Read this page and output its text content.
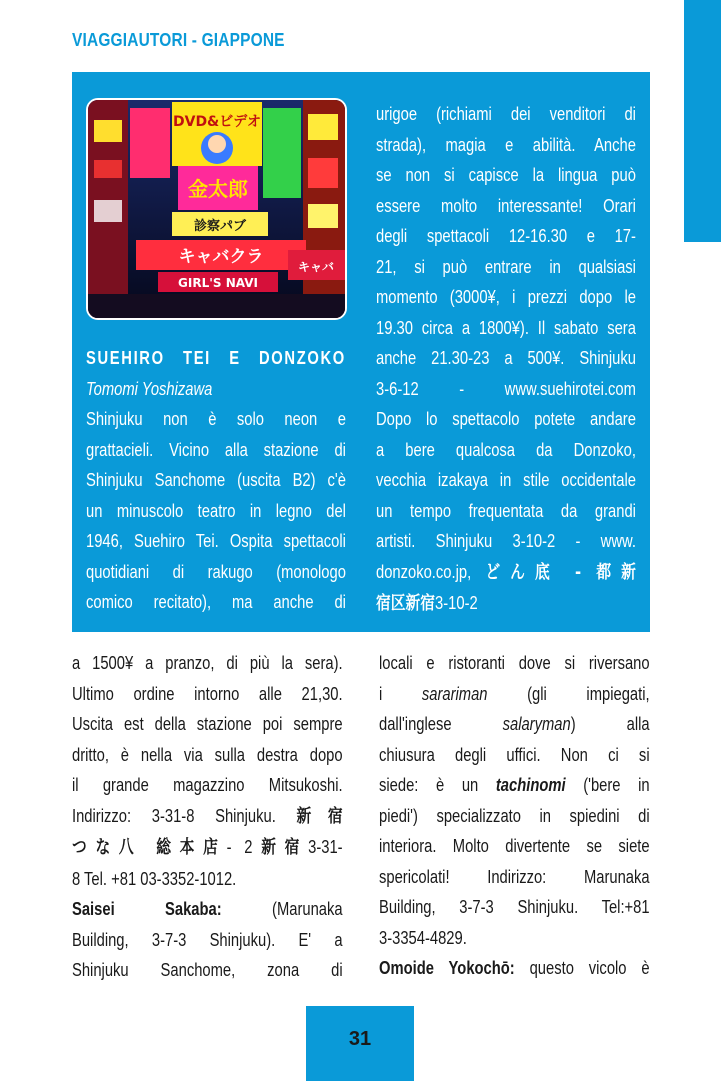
VIAGGIAUTORI - GIAPPONE
DVD&ビデオ
金太郎
診察パブ
キャバクラ
GIRL'S NAVI
キャバ
SUEHIRO TEI E DONZOKO
Tomomi Yoshizawa
Shinjuku non è solo neon e
grattacieli. Vicino alla stazione di
Shinjuku Sanchome (uscita B2) c'è
un minuscolo teatro in legno del
1946, Suehiro Tei. Ospita spettacoli
quotidiani di rakugo (monologo
comico recitato), ma anche di
urigoe (richiami dei venditori di
strada), magia e abilità. Anche
se non si capisce la lingua può
essere molto interessante! Orari
degli spettacoli 12-16.30 e 17-
21, si può entrare in qualsiasi
momento (3000¥, i prezzi dopo le
19.30 circa a 1800¥). Il sabato sera
anche 21.30-23 a 500¥. Shinjuku
3-6-12 - www.suehirotei.com
Dopo lo spettacolo potete andare
a bere qualcosa da Donzoko,
vecchia izakaya in stile occidentale
un tempo frequentata da grandi
artisti. Shinjuku 3-10-2 - www.
donzoko.co.jp, どん底 - 都新
宿区新宿3-10-2
a 1500¥ a pranzo, di più la sera).
Ultimo ordine intorno alle 21,30.
Uscita est della stazione poi sempre
dritto, è nella via sulla destra dopo
il grande magazzino Mitsukoshi.
Indirizzo: 3-31-8 Shinjuku. 新宿
つな八 総本店- 2新宿3-31-
8 Tel. +81 03-3352-1012.
Saisei Sakaba: (Marunaka
Building, 3-7-3 Shinjuku). E' a
Shinjuku Sanchome, zona di
locali e ristoranti dove si riversano
i sarariman (gli impiegati,
dall'inglese salaryman) alla
chiusura degli uffici. Non ci si
siede: è un tachinomi ('bere in
piedi') specializzato in spiedini di
interiora. Molto divertente se siete
spericolati! Indirizzo: Marunaka
Building, 3-7-3 Shinjuku. Tel:+81
3-3354-4829.
Omoide Yokochō: questo vicolo è
31
